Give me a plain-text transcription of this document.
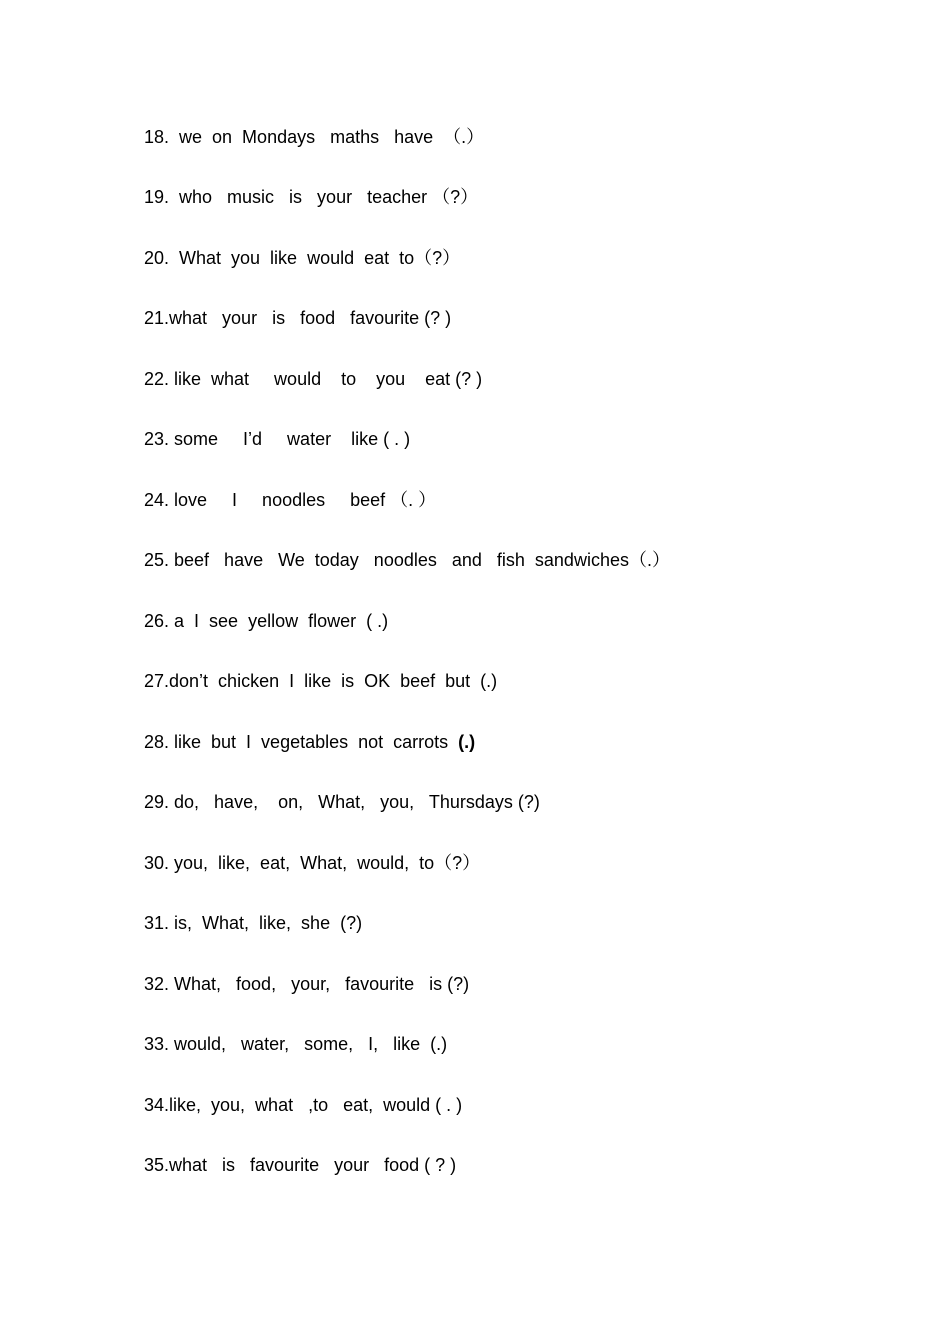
18.  we  on  Mondays   maths   have  （.）
19.  who   music   is   your   teacher （?）
20.  What  you  like  would  eat  to（?）
21.what   your   is   food   favourite (? )
22. like  what     would    to    you    eat (? )
23. some     I’d     water    like ( . )
24. love     I     noodles     beef （. ）
25. beef   have   We  today   noodles   and   fish  sandwiches（.）
26. a  I  see  yellow  flower  ( .)
27.don’t  chicken  I  like  is  OK  beef  but  (.)
28. like  but  I  vegetables  not  carrots  (.)
29. do,   have,    on,   What,   you,   Thursdays (?)
30. you,  like,  eat,  What,  would,  to（?）
31. is,  What,  like,  she  (?)
32. What,   food,   your,   favourite   is (?)
33. would,   water,   some,   I,   like  (.)
34.like,  you,  what   ,to   eat,  would ( . )
35.what   is   favourite   your   food ( ? )
